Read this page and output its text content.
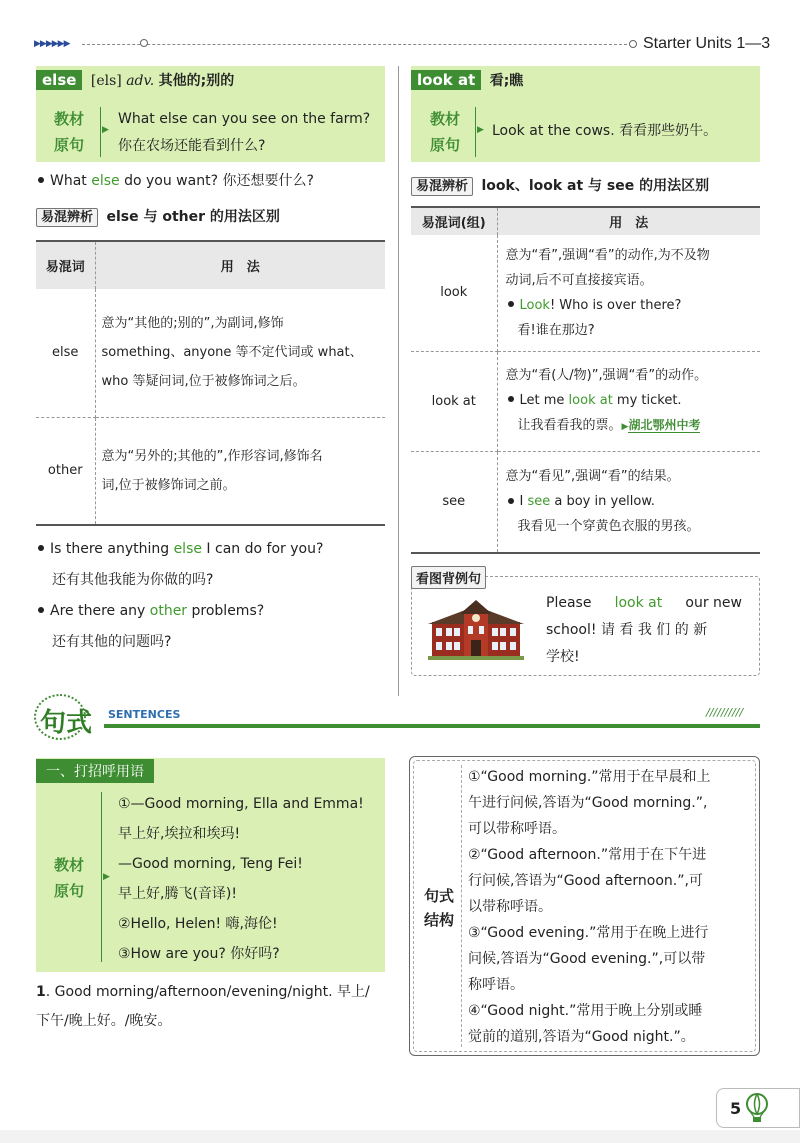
▶▶▶▶▶▶	Starter Units 1—3
else [els] adv. 其他的;别的
教材
原句
▶
What else can you see on the farm?
你在农场还能看到什么?
What else do you want? 你还想要什么?
易混辨析 else 与 other 的用法区别
易混词	用　法
else	意为“其他的;别的”,为副词,修饰
something、anyone 等不定代词或 what、
who 等疑问词,位于被修饰词之后。

other	意为“另外的;其他的”,作形容词,修饰名
词,位于被修饰词之前。
Is there anything else I can do for you?
还有其他我能为你做的吗?
Are there any other problems?
还有其他的问题吗?
look at 看;瞧
教材
原句
▶ Look at the cows. 看看那些奶牛。
易混辨析 look、look at 与 see 的用法区别
易混词(组)	用　法
look	意为“看”,强调“看”的动作,为不及物
动词,后不可直接接宾语。
Look! Who is over there?
看!谁在那边?

look at	意为“看(人/物)”,强调“看”的动作。
Let me look at my ticket.
让我看看我的票。▶湖北鄂州中考

see	意为“看见”,强调“看”的结果。
I see a boy in yellow.
我看见一个穿黄色衣服的男孩。
看图背例句
Please look at our new
school! 请 看 我 们 的 新
学校!
句式 SENTENCES	//////////
一、打招呼用语
教材
原句
▶
①—Good morning, Ella and Emma!
早上好,埃拉和埃玛!
—Good morning, Teng Fei!
早上好,腾飞(音译)!
②Hello, Helen! 嗨,海伦!
③How are you? 你好吗?
1. Good morning/afternoon/evening/night. 早上/
下午/晚上好。/晚安。
句式
结构
①“Good morning.”常用于在早晨和上
午进行问候,答语为“Good morning.”,
可以带称呼语。
②“Good afternoon.”常用于在下午进
行问候,答语为“Good afternoon.”,可
以带称呼语。
③“Good evening.”常用于在晚上进行
问候,答语为“Good evening.”,可以带
称呼语。
④“Good night.”常用于晚上分别或睡
觉前的道别,答语为“Good night.”。
5
